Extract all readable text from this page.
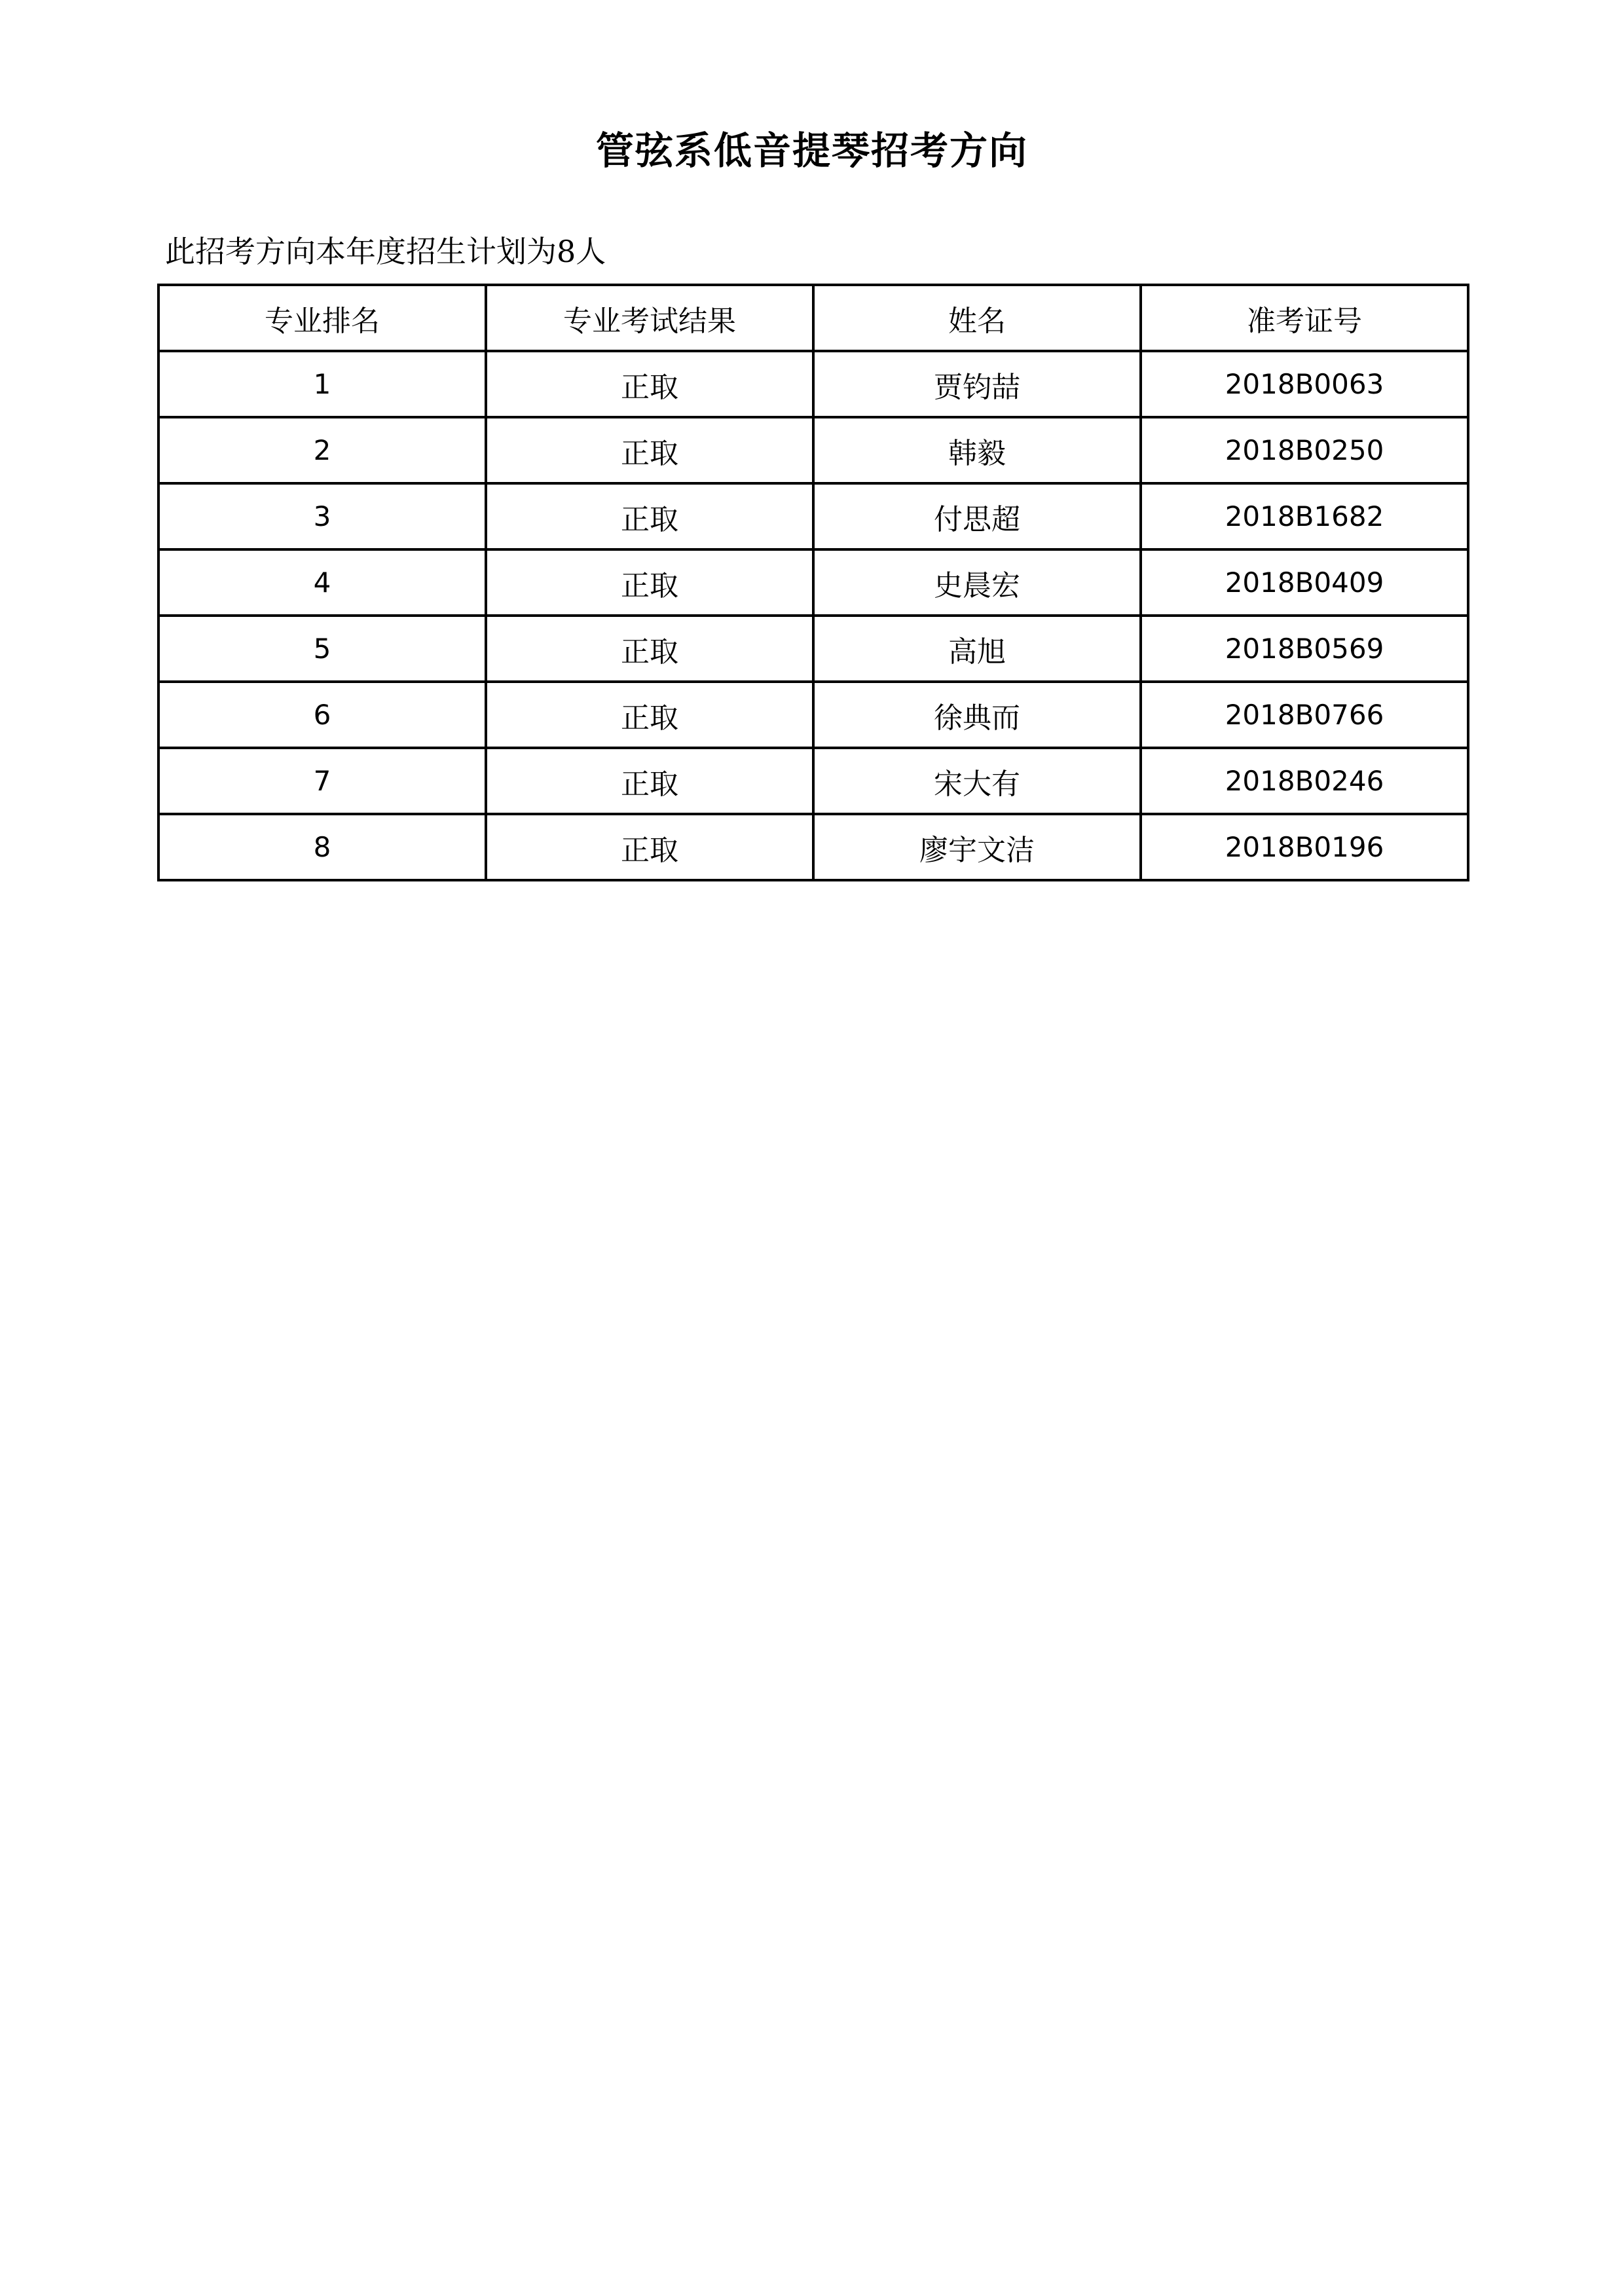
管弦系低音提琴招考方向
此招考方向本年度招生计划为8人
专业排名	专业考试结果	姓名	准考证号
1	正取	贾钧喆	2018B0063
2	正取	韩毅	2018B0250
3	正取	付思超	2018B1682
4	正取	史晨宏	2018B0409
5	正取	高旭	2018B0569
6	正取	徐典而	2018B0766
7	正取	宋大有	2018B0246
8	正取	廖宇文洁	2018B0196
